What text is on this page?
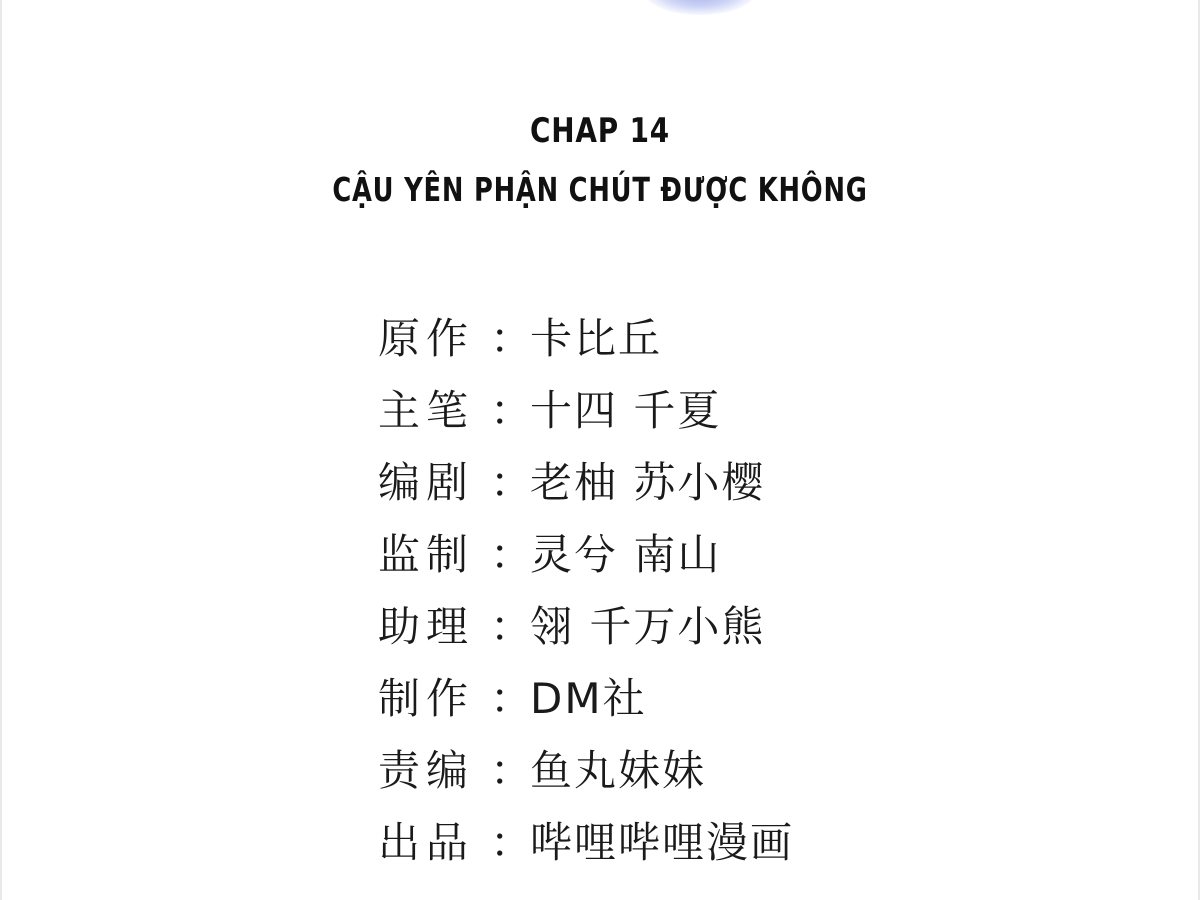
CHAP 14
CẬU YÊN PHẬN CHÚT ĐƯỢC KHÔNG
原作 ：
卡比丘
主笔 ：
十四 千夏
编剧 ：
老柚 苏小樱
监制 ：
灵兮 南山
助理 ：
翎 千万小熊
制作 ：
DM社
责编 ：
鱼丸妹妹
出品 ：
哔哩哔哩漫画
